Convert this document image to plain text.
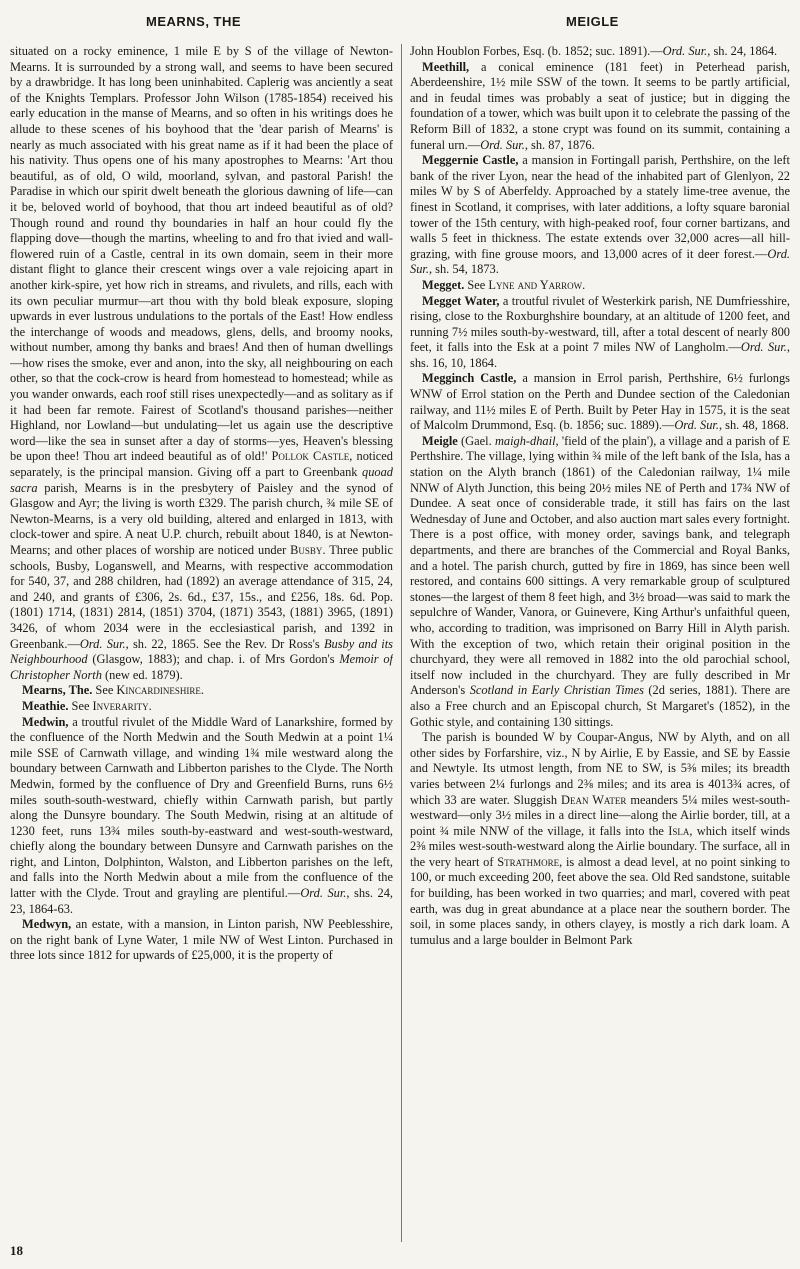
MEARNS, THE	MEIGLE

situated on a rocky eminence, 1 mile E by S of the village of Newton-Mearns. It is surrounded by a strong wall, and seems to have been secured by a drawbridge. It has long been uninhabited. Caplerig was anciently a seat of the Knights Templars. Professor John Wilson (1785-1854) received his early education in the manse of Mearns, and so often in his writings does he allude to these scenes of his boyhood that the 'dear parish of Mearns' is nearly as much associated with his great name as if it had been the place of his nativity. Thus opens one of his many apostrophes to Mearns: 'Art thou beautiful, as of old, O wild, moorland, sylvan, and pastoral Parish! the Paradise in which our spirit dwelt beneath the glorious dawning of life—can it be, beloved world of boyhood, that thou art indeed beautiful as of old? Though round and round thy boundaries in half an hour could fly the flapping dove—though the martins, wheeling to and fro that ivied and wall-flowered ruin of a Castle, central in its own domain, seem in their more distant flight to glance their crescent wings over a vale rejoicing apart in another kirk-spire, yet how rich in streams, and rivulets, and rills, each with its own peculiar murmur—art thou with thy bold bleak exposure, sloping upwards in ever lustrous undulations to the portals of the East! How endless the interchange of woods and meadows, glens, dells, and broomy nooks, without number, among thy banks and braes! And then of human dwellings—how rises the smoke, ever and anon, into the sky, all neighbouring on each other, so that the cock-crow is heard from homestead to homestead; while as you wander onwards, each roof still rises unexpectedly—and as solitary as if it had been far remote. Fairest of Scotland's thousand parishes—neither Highland, nor Lowland—but undulating—let us again use the descriptive word—like the sea in sunset after a day of storms—yes, Heaven's blessing be upon thee! Thou art indeed beautiful as of old!' Pollok Castle, noticed separately, is the principal mansion. Giving off a part to Greenbank quoad sacra parish, Mearns is in the presbytery of Paisley and the synod of Glasgow and Ayr; the living is worth £329. The parish church, ¾ mile SE of Newton-Mearns, is a very old building, altered and enlarged in 1813, with clock-tower and spire. A neat U.P. church, rebuilt about 1840, is at Newton-Mearns; and other places of worship are noticed under Busby. Three public schools, Busby, Loganswell, and Mearns, with respective accommodation for 540, 37, and 288 children, had (1892) an average attendance of 315, 24, and 240, and grants of £306, 2s. 6d., £37, 15s., and £256, 18s. 6d. Pop. (1801) 1714, (1831) 2814, (1851) 3704, (1871) 3543, (1881) 3965, (1891) 3426, of whom 2034 were in the ecclesiastical parish, and 1392 in Greenbank.—Ord. Sur., sh. 22, 1865. See the Rev. Dr Ross's Busby and its Neighbourhood (Glasgow, 1883); and chap. i. of Mrs Gordon's Memoir of Christopher North (new ed. 1879).

Mearns, The. See Kincardineshire.

Meathie. See Inverarity.

Medwin, a troutful rivulet of the Middle Ward of Lanarkshire, formed by the confluence of the North Medwin and the South Medwin at a point 1¼ mile SSE of Carnwath village, and winding 1¾ mile westward along the boundary between Carnwath and Libberton parishes to the Clyde. The North Medwin, formed by the confluence of Dry and Greenfield Burns, runs 6½ miles south-south-westward, chiefly within Carnwath parish, but partly along the Dunsyre boundary. The South Medwin, rising at an altitude of 1230 feet, runs 13¾ miles south-by-eastward and west-south-westward, chiefly along the boundary between Dunsyre and Carnwath parishes on the right, and Linton, Dolphinton, Walston, and Libberton parishes on the left, and falls into the North Medwin about a mile from the confluence of the latter with the Clyde. Trout and grayling are plentiful.—Ord. Sur., shs. 24, 23, 1864-63.

Medwyn, an estate, with a mansion, in Linton parish, NW Peeblesshire, on the right bank of Lyne Water, 1 mile NW of West Linton. Purchased in three lots since 1812 for upwards of £25,000, it is the property of

John Houblon Forbes, Esq. (b. 1852; suc. 1891).—Ord. Sur., sh. 24, 1864.

Meethill, a conical eminence (181 feet) in Peterhead parish, Aberdeenshire, 1½ mile SSW of the town. It seems to be partly artificial, and in feudal times was probably a seat of justice; but in digging the foundation of a tower, which was built upon it to celebrate the passing of the Reform Bill of 1832, a stone crypt was found on its summit, containing a funeral urn.—Ord. Sur., sh. 87, 1876.

Meggernie Castle, a mansion in Fortingall parish, Perthshire, on the left bank of the river Lyon, near the head of the inhabited part of Glenlyon, 22 miles W by S of Aberfeldy. Approached by a stately lime-tree avenue, the finest in Scotland, it comprises, with later additions, a lofty square baronial tower of the 15th century, with high-peaked roof, four corner bartizans, and walls 5 feet in thickness. The estate extends over 32,000 acres—all hill-grazing, with fine grouse moors, and 13,000 acres of it deer forest.—Ord. Sur., sh. 54, 1873.

Megget. See Lyne and Yarrow.

Megget Water, a troutful rivulet of Westerkirk parish, NE Dumfriesshire, rising, close to the Roxburghshire boundary, at an altitude of 1200 feet, and running 7½ miles south-by-westward, till, after a total descent of nearly 800 feet, it falls into the Esk at a point 7 miles NW of Langholm.—Ord. Sur., shs. 16, 10, 1864.

Megginch Castle, a mansion in Errol parish, Perthshire, 6½ furlongs WNW of Errol station on the Perth and Dundee section of the Caledonian railway, and 11½ miles E of Perth. Built by Peter Hay in 1575, it is the seat of Malcolm Drummond, Esq. (b. 1856; suc. 1889).—Ord. Sur., sh. 48, 1868.

Meigle (Gael. maigh-dhail, 'field of the plain'), a village and a parish of E Perthshire. The village, lying within ¾ mile of the left bank of the Isla, has a station on the Alyth branch (1861) of the Caledonian railway, 1¼ mile NNW of Alyth Junction, this being 20½ miles NE of Perth and 17¾ NW of Dundee. A seat once of considerable trade, it still has fairs on the last Wednesday of June and October, and also auction mart sales every fortnight. There is a post office, with money order, savings bank, and telegraph departments, and there are branches of the Commercial and Royal Banks, and a hotel. The parish church, gutted by fire in 1869, has since been well restored, and contains 600 sittings. A very remarkable group of sculptured stones—the largest of them 8 feet high, and 3½ broad—was said to mark the sepulchre of Wander, Vanora, or Guinevere, King Arthur's unfaithful queen, who, according to tradition, was imprisoned on Barry Hill in Alyth parish. With the exception of two, which retain their original position in the churchyard, they were all removed in 1882 into the old parochial school, itself now included in the churchyard. They are fully described in Mr Anderson's Scotland in Early Christian Times (2d series, 1881). There are also a Free church and an Episcopal church, St Margaret's (1852), in the Gothic style, and containing 130 sittings.

The parish is bounded W by Coupar-Angus, NW by Alyth, and on all other sides by Forfarshire, viz., N by Airlie, E by Eassie, and SE by Eassie and Newtyle. Its utmost length, from NE to SW, is 5⅜ miles; its breadth varies between 2¼ furlongs and 2⅜ miles; and its area is 4013¾ acres, of which 33 are water. Sluggish Dean Water meanders 5¼ miles west-south-westward—only 3½ miles in a direct line—along the Airlie border, till, at a point ¾ mile NNW of the village, it falls into the Isla, which itself winds 2⅜ miles west-south-westward along the Airlie boundary. The surface, all in the very heart of Strathmore, is almost a dead level, at no point sinking to 100, or much exceeding 200, feet above the sea. Old Red sandstone, suitable for building, has been worked in two quarries; and marl, covered with peat earth, was dug in great abundance at a place near the southern border. The soil, in some places sandy, in others clayey, is mostly a rich dark loam. A tumulus and a large boulder in Belmont Park

18
